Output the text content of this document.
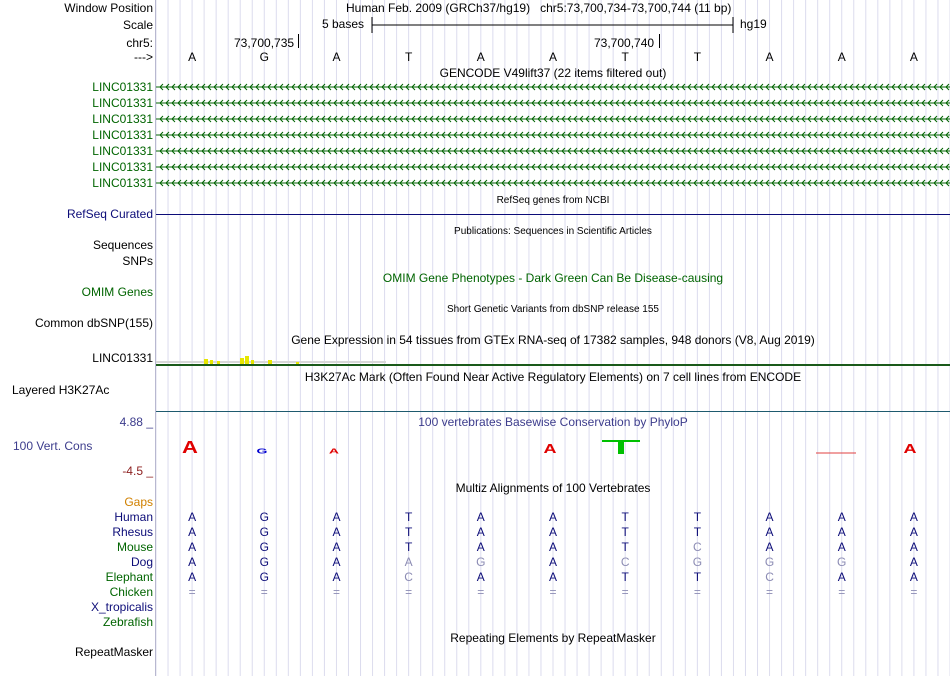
Window Position
Scale
chr5:
--->
Human Feb. 2009 (GRCh37/hg19)   chr5:73,700,734-73,700,744 (11 bp)
5 bases	hg19
73,700,735	73,700,740
A	G	A	T	A	A	T	T	A	A	A
GENCODE V49lift37 (22 items filtered out)
LINC01331
LINC01331
LINC01331
LINC01331
LINC01331
LINC01331
LINC01331
RefSeq genes from NCBI
RefSeq Curated
Publications: Sequences in Scientific Articles
Sequences
SNPs
OMIM Gene Phenotypes - Dark Green Can Be Disease-causing
OMIM Genes
Short Genetic Variants from dbSNP release 155
Common dbSNP(155)
Gene Expression in 54 tissues from GTEx RNA-seq of 17382 samples, 948 donors (V8, Aug 2019)
LINC01331
H3K27Ac Mark (Often Found Near Active Regulatory Elements) on 7 cell lines from ENCODE
Layered H3K27Ac
100 vertebrates Basewise Conservation by PhyloP
4.88 _
100 Vert. Cons
-4.5 _
A	G	A	A	A
Multiz Alignments of 100 Vertebrates
Gaps
Human	A	G	A	T	A	A	T	T	A	A	A
Rhesus	A	G	A	T	A	A	T	T	A	A	A
Mouse	A	G	A	T	A	A	T	C	A	A	A
Dog	A	G	A	A	G	A	C	G	G	G	A
Elephant	A	G	A	C	A	A	T	T	C	A	A
Chicken	=	=	=	=	=	=	=	=	=	=	=
X_tropicalis
Zebrafish
Repeating Elements by RepeatMasker
RepeatMasker
